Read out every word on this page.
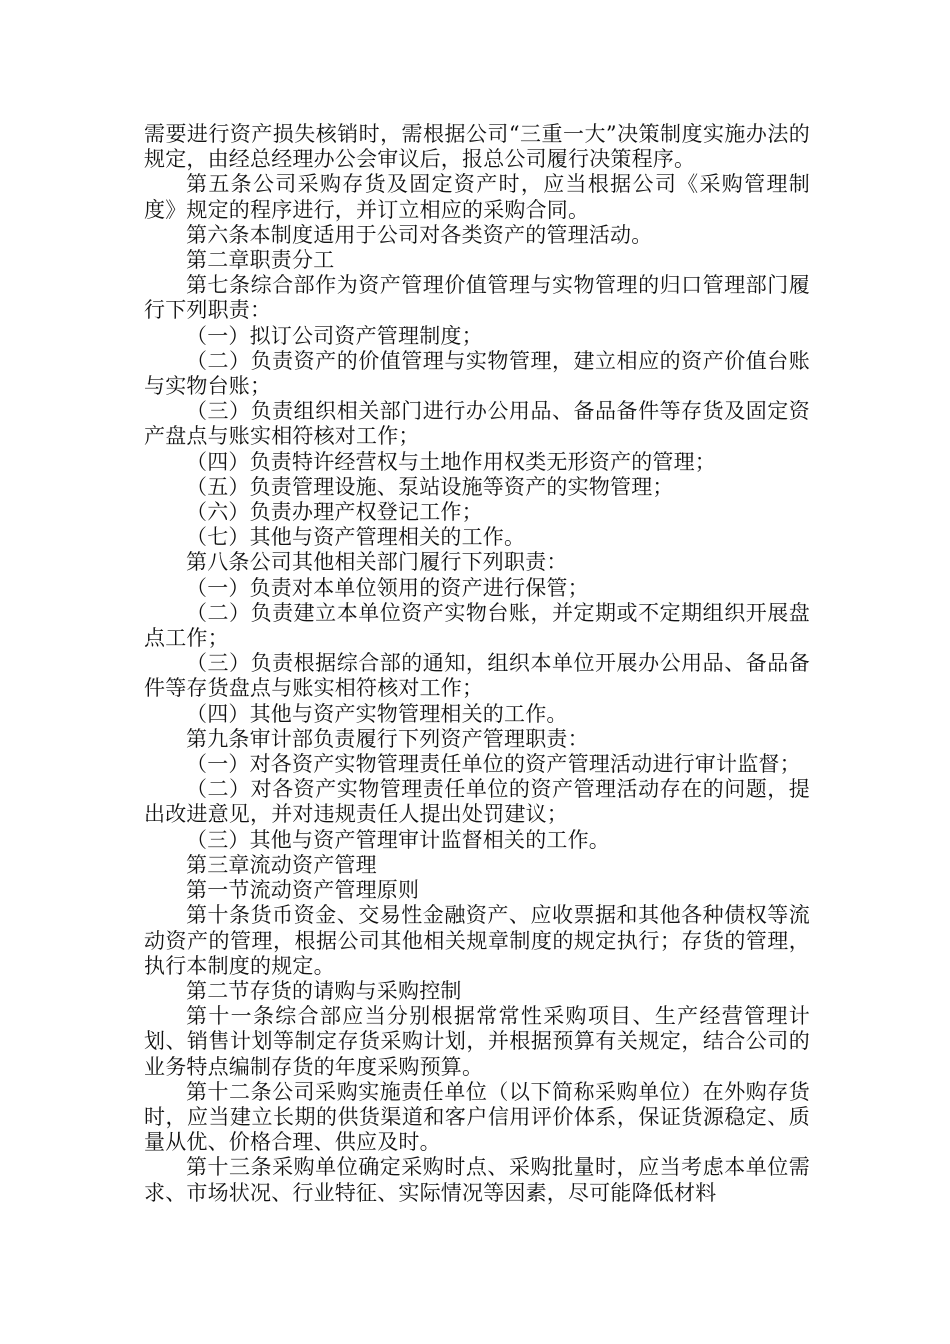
需要进行资产损失核销时，需根据公司“三重一大”决策制度实施办法的规定，由经总经理办公会审议后，报总公司履行决策程序。

第五条公司采购存货及固定资产时，应当根据公司《采购管理制度》规定的程序进行，并订立相应的采购合同。

第六条本制度适用于公司对各类资产的管理活动。

第二章职责分工

第七条综合部作为资产管理价值管理与实物管理的归口管理部门履行下列职责：

（一）拟订公司资产管理制度；

（二）负责资产的价值管理与实物管理，建立相应的资产价值台账与实物台账；

（三）负责组织相关部门进行办公用品、备品备件等存货及固定资产盘点与账实相符核对工作；

（四）负责特许经营权与土地作用权类无形资产的管理；

（五）负责管理设施、泵站设施等资产的实物管理；

（六）负责办理产权登记工作；

（七）其他与资产管理相关的工作。

第八条公司其他相关部门履行下列职责：

（一）负责对本单位领用的资产进行保管；

（二）负责建立本单位资产实物台账，并定期或不定期组织开展盘点工作；

（三）负责根据综合部的通知，组织本单位开展办公用品、备品备件等存货盘点与账实相符核对工作；

（四）其他与资产实物管理相关的工作。

第九条审计部负责履行下列资产管理职责：

（一）对各资产实物管理责任单位的资产管理活动进行审计监督；

（二）对各资产实物管理责任单位的资产管理活动存在的问题，提出改进意见，并对违规责任人提出处罚建议；

（三）其他与资产管理审计监督相关的工作。

第三章流动资产管理

第一节流动资产管理原则

第十条货币资金、交易性金融资产、应收票据和其他各种债权等流动资产的管理，根据公司其他相关规章制度的规定执行；存货的管理，执行本制度的规定。

第二节存货的请购与采购控制

第十一条综合部应当分别根据常常性采购项目、生产经营管理计划、销售计划等制定存货采购计划，并根据预算有关规定，结合公司的业务特点编制存货的年度采购预算。

第十二条公司采购实施责任单位（以下简称采购单位）在外购存货时，应当建立长期的供货渠道和客户信用评价体系，保证货源稳定、质量从优、价格合理、供应及时。

第十三条采购单位确定采购时点、采购批量时，应当考虑本单位需求、市场状况、行业特征、实际情况等因素，尽可能降低材料
